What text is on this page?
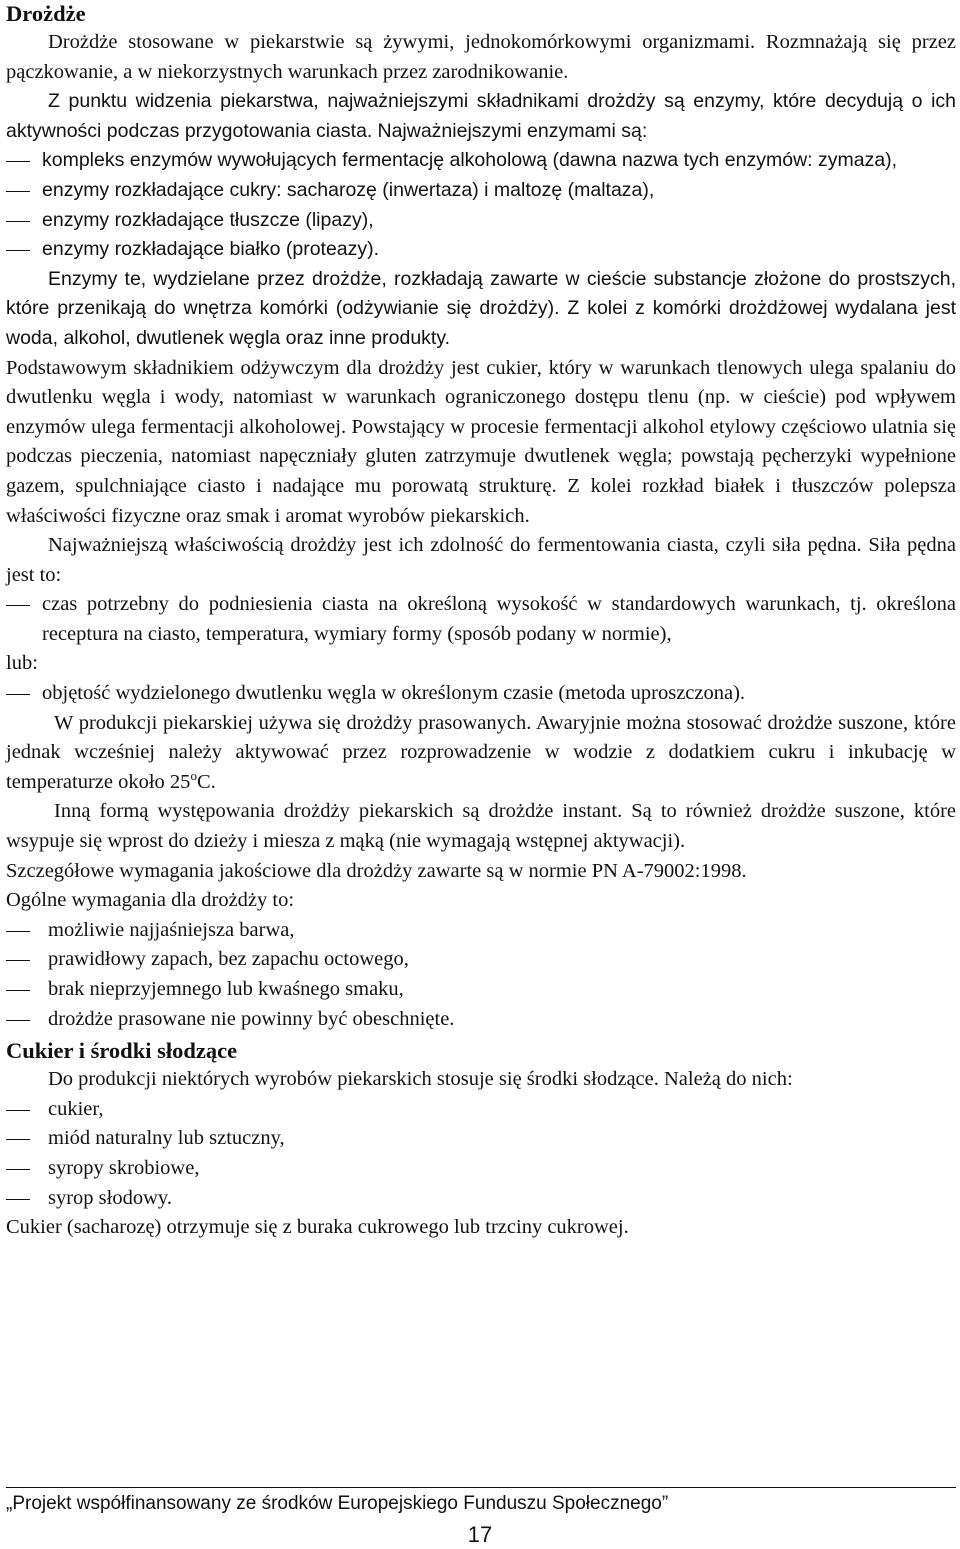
Drożdże

Drożdże stosowane w piekarstwie są żywymi, jednokomórkowymi organizmami. Rozmnażają się przez pączkowanie, a w niekorzystnych warunkach przez zarodnikowanie.

Z punktu widzenia piekarstwa, najważniejszymi składnikami drożdży są enzymy, które decydują o ich aktywności podczas przygotowania ciasta. Najważniejszymi enzymami są:

kompleks enzymów wywołujących fermentację alkoholową (dawna nazwa tych enzymów: zymaza),
enzymy rozkładające cukry: sacharozę (inwertaza) i maltozę (maltaza),
enzymy rozkładające tłuszcze (lipazy),
enzymy rozkładające białko (proteazy).

Enzymy te, wydzielane przez drożdże, rozkładają zawarte w cieście substancje złożone do prostszych, które przenikają do wnętrza komórki (odżywianie się drożdży). Z kolei z komórki drożdżowej wydalana jest woda, alkohol, dwutlenek węgla oraz inne produkty.
Podstawowym składnikiem odżywczym dla drożdży jest cukier, który w warunkach tlenowych ulega spalaniu do dwutlenku węgla i wody, natomiast w warunkach ograniczonego dostępu tlenu (np. w cieście) pod wpływem enzymów ulega fermentacji alkoholowej. Powstający w procesie fermentacji alkohol etylowy częściowo ulatnia się podczas pieczenia, natomiast napęczniały gluten zatrzymuje dwutlenek węgla; powstają pęcherzyki wypełnione gazem, spulchniające ciasto i nadające mu porowatą strukturę. Z kolei rozkład białek i tłuszczów polepsza właściwości fizyczne oraz smak i aromat wyrobów piekarskich.

Najważniejszą właściwością drożdży jest ich zdolność do fermentowania ciasta, czyli siła pędna. Siła pędna jest to:

czas potrzebny do podniesienia ciasta na określoną wysokość w standardowych warunkach, tj. określona receptura na ciasto, temperatura, wymiary formy (sposób podany w normie),

lub:

objętość wydzielonego dwutlenku węgla w określonym czasie (metoda uproszczona).

W produkcji piekarskiej używa się drożdży prasowanych. Awaryjnie można stosować drożdże suszone, które jednak wcześniej należy aktywować przez rozprowadzenie w wodzie z dodatkiem cukru i inkubację w temperaturze około 25$^o$C.

Inną formą występowania drożdży piekarskich są drożdże instant. Są to również drożdże suszone, które wsypuje się wprost do dzieży i miesza z mąką (nie wymagają wstępnej aktywacji).

Szczegółowe wymagania jakościowe dla drożdży zawarte są w normie PN A-79002:1998.

Ogólne wymagania dla drożdży to:

możliwie najjaśniejsza barwa,
prawidłowy zapach, bez zapachu octowego,
brak nieprzyjemnego lub kwaśnego smaku,
drożdże prasowane nie powinny być obeschnięte.
Cukier i środki słodzące

Do produkcji niektórych wyrobów piekarskich stosuje się środki słodzące. Należą do nich:

cukier,
miód naturalny lub sztuczny,
syropy skrobiowe,
syrop słodowy.

Cukier (sacharozę) otrzymuje się z buraka cukrowego lub trzciny cukrowej.

„Projekt współfinansowany ze środków Europejskiego Funduszu Społecznego”
17
